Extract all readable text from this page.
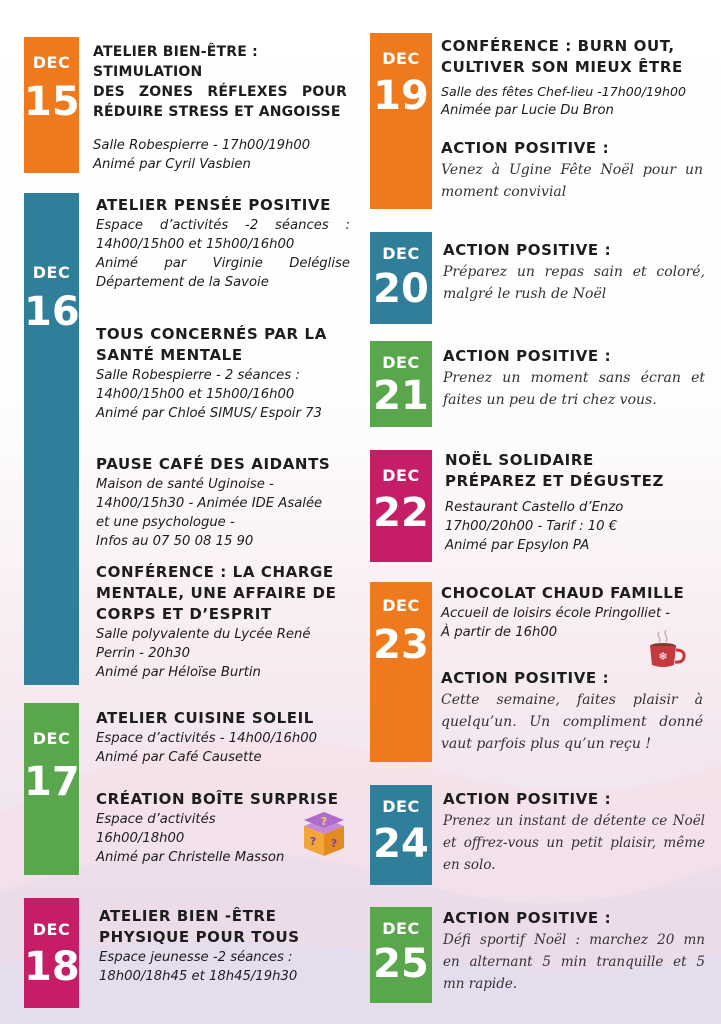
DEC
15
ATELIER BIEN-ÊTRE : STIMULATION
DES ZONES RÉFLEXES POUR
RÉDUIRE STRESS ET ANGOISSE
Salle Robespierre - 17h00/19h00
Animé par Cyril Vasbien
DEC
16
ATELIER PENSÉE POSITIVE
Espace d’activités -2 séances :
14h00/15h00 et 15h00/16h00
Animé par Virginie Deléglise
Département de la Savoie
TOUS CONCERNÉS PAR LA
SANTÉ MENTALE
Salle Robespierre - 2 séances :
14h00/15h00 et 15h00/16h00
Animé par Chloé SIMUS/ Espoir 73
PAUSE CAFÉ DES AIDANTS
Maison de santé Uginoise -
14h00/15h30 - Animée IDE Asalée
et une psychologue -
Infos au 07 50 08 15 90
CONFÉRENCE : LA CHARGE
MENTALE, UNE AFFAIRE DE
CORPS ET D’ESPRIT
Salle polyvalente du Lycée René
Perrin - 20h30
Animé par Héloïse Burtin
DEC
17
ATELIER CUISINE SOLEIL
Espace d’activités - 14h00/16h00
Animé par Café Causette
CRÉATION BOÎTE SURPRISE
Espace d’activités
16h00/18h00
Animé par Christelle Masson
?
? ?
DEC
18
ATELIER BIEN -ÊTRE
PHYSIQUE POUR TOUS
Espace jeunesse -2 séances :
18h00/18h45 et 18h45/19h30
DEC
19
CONFÉRENCE : BURN OUT,
CULTIVER SON MIEUX ÊTRE
Salle des fêtes Chef-lieu -17h00/19h00
Animée par Lucie Du Bron
ACTION POSITIVE :
Venez à Ugine Fête Noël pour un
moment convivial
DEC
20
ACTION POSITIVE :
Préparez un repas sain et coloré,
malgré le rush de Noël
DEC
21
ACTION POSITIVE :
Prenez un moment sans écran et
faites un peu de tri chez vous.
DEC
22
NOËL SOLIDAIRE
PRÉPAREZ ET DÉGUSTEZ
Restaurant Castello d’Enzo
17h00/20h00 - Tarif : 10 €
Animé par Epsylon PA
DEC
23
CHOCOLAT CHAUD FAMILLE
Accueil de loisirs école Pringolliet -
À partir de 16h00
ACTION POSITIVE :
Cette semaine, faites plaisir à
quelqu’un. Un compliment donné
vaut parfois plus qu’un reçu !
❄
DEC
24
ACTION POSITIVE :
Prenez un instant de détente ce Noël
et offrez-vous un petit plaisir, même
en solo.
DEC
25
ACTION POSITIVE :
Défi sportif Noël : marchez 20 mn
en alternant 5 min tranquille et 5
mn rapide.
